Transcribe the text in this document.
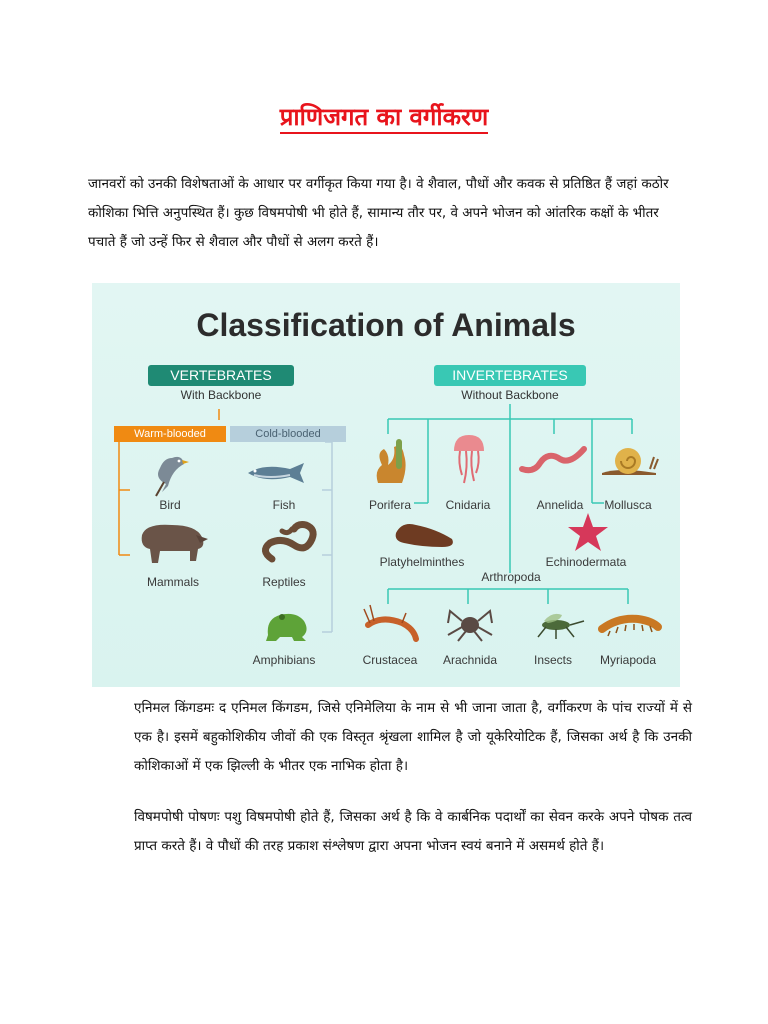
प्राणिजगत का वर्गीकरण

जानवरों को उनकी विशेषताओं के आधार पर वर्गीकृत किया गया है। वे शैवाल, पौधों और कवक से प्रतिष्ठित हैं जहां कठोर कोशिका भित्ति अनुपस्थित हैं। कुछ विषमपोषी भी होते हैं, सामान्य तौर पर, वे अपने भोजन को आंतरिक कक्षों के भीतर पचाते हैं जो उन्हें फिर से शैवाल और पौधों से अलग करते हैं।

Classification of Animals
VERTEBRATES
With Backbone
INVERTEBRATES
Without Backbone
Warm-blooded	Cold-blooded
Bird	Fish
Mammals	Reptiles
Amphibians
Porifera	Cnidaria	Annelida	Mollusca
Platyhelminthes	Echinodermata
Arthropoda
Crustacea	Arachnida	Insects	Myriapoda

एनिमल किंगडमः द एनिमल किंगडम, जिसे एनिमेलिया के नाम से भी जाना जाता है, वर्गीकरण के पांच राज्यों में से एक है। इसमें बहुकोशिकीय जीवों की एक विस्तृत श्रृंखला शामिल है जो यूकेरियोटिक हैं, जिसका अर्थ है कि उनकी कोशिकाओं में एक झिल्ली के भीतर एक नाभिक होता है।

विषमपोषी पोषणः पशु विषमपोषी होते हैं, जिसका अर्थ है कि वे कार्बनिक पदार्थों का सेवन करके अपने पोषक तत्व प्राप्त करते हैं। वे पौधों की तरह प्रकाश संश्लेषण द्वारा अपना भोजन स्वयं बनाने में असमर्थ होते हैं।
